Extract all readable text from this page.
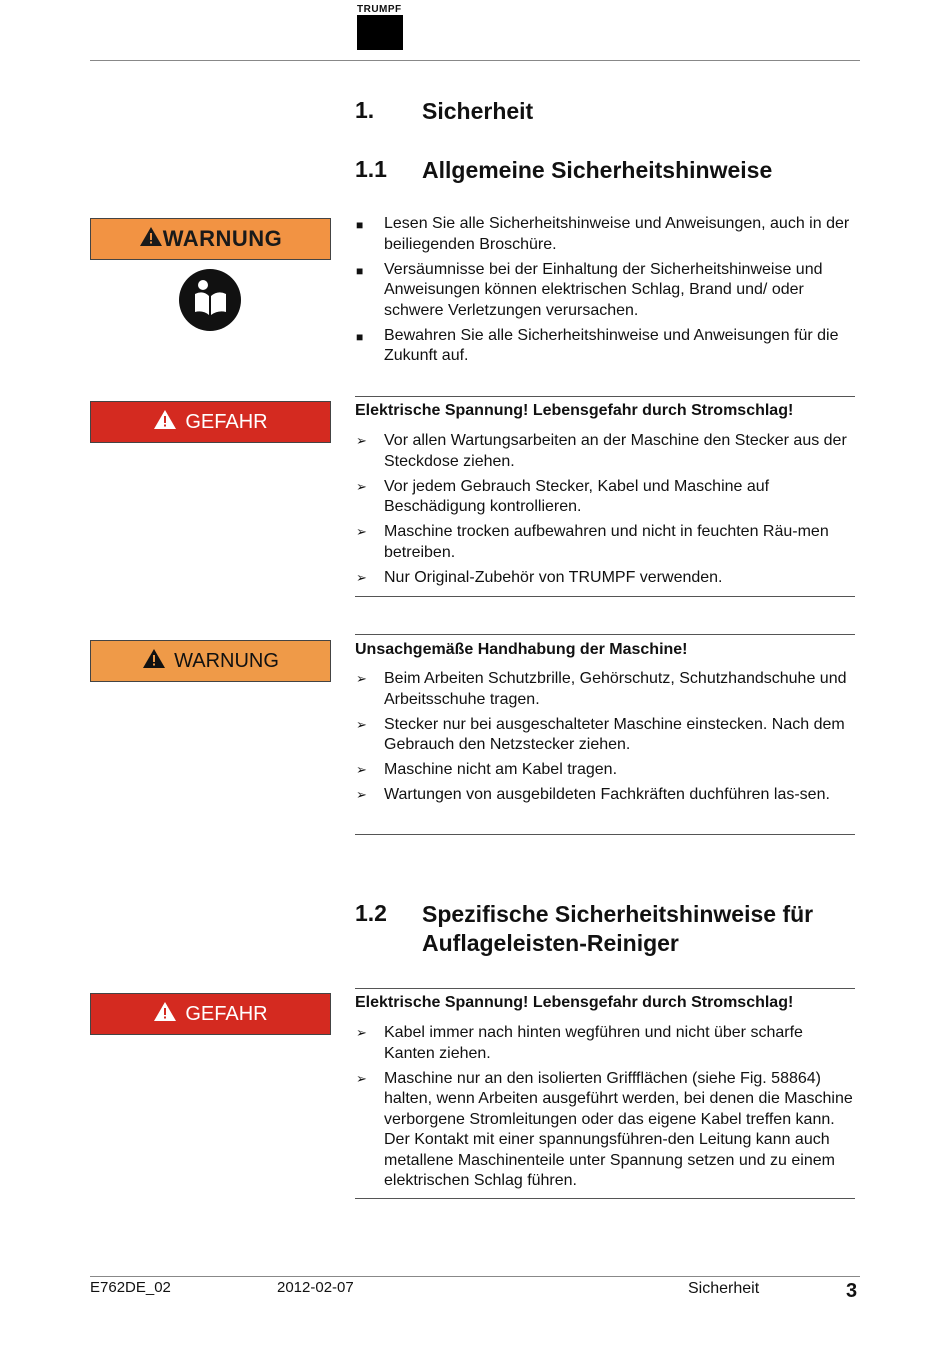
TRUMPF
1. Sicherheit
1.1 Allgemeine Sicherheitshinweise
WARNUNG
■ Lesen Sie alle Sicherheitshinweise und Anweisungen, auch in der beiliegenden Broschüre.
■ Versäumnisse bei der Einhaltung der Sicherheitshinweise und Anweisungen können elektrischen Schlag, Brand und/ oder schwere Verletzungen verursachen.
■ Bewahren Sie alle Sicherheitshinweise und Anweisungen für die Zukunft auf.
GEFAHR	Elektrische Spannung! Lebensgefahr durch Stromschlag!
➢ Vor allen Wartungsarbeiten an der Maschine den Stecker aus der Steckdose ziehen.
➢ Vor jedem Gebrauch Stecker, Kabel und Maschine auf Beschädigung kontrollieren.
➢ Maschine trocken aufbewahren und nicht in feuchten Räu-men betreiben.
➢ Nur Original-Zubehör von TRUMPF verwenden.
WARNUNG	Unsachgemäße Handhabung der Maschine!
➢ Beim Arbeiten Schutzbrille, Gehörschutz, Schutzhandschuhe und Arbeitsschuhe tragen.
➢ Stecker nur bei ausgeschalteter Maschine einstecken. Nach dem Gebrauch den Netzstecker ziehen.
➢ Maschine nicht am Kabel tragen.
➢ Wartungen von ausgebildeten Fachkräften duchführen las-sen.
1.2 Spezifische Sicherheitshinweise für Auflageleisten-Reiniger
GEFAHR	Elektrische Spannung! Lebensgefahr durch Stromschlag!
➢ Kabel immer nach hinten wegführen und nicht über scharfe Kanten ziehen.
➢ Maschine nur an den isolierten Griffflächen (siehe Fig. 58864) halten, wenn Arbeiten ausgeführt werden, bei denen die Maschine verborgene Stromleitungen oder das eigene Kabel treffen kann. Der Kontakt mit einer spannungsführen-den Leitung kann auch metallene Maschinenteile unter Spannung setzen und zu einem elektrischen Schlag führen.
E762DE_02	2012-02-07	Sicherheit	3
